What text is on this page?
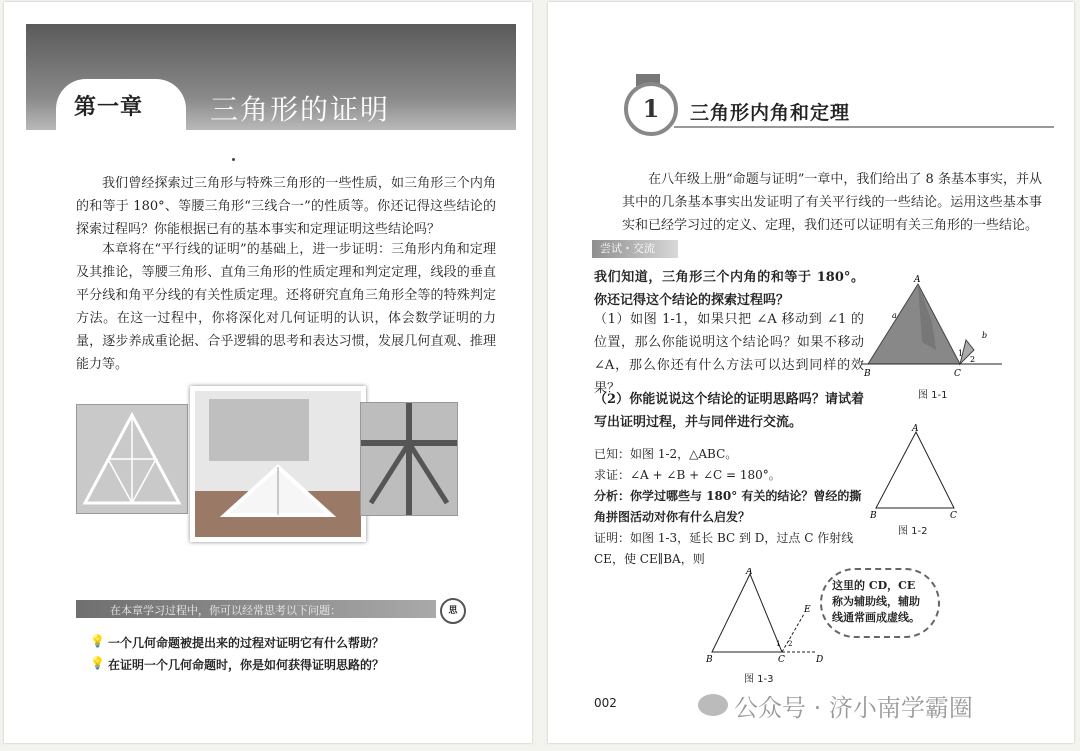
第一章 三角形的证明
我们曾经探索过三角形与特殊三角形的一些性质，如三角形三个内角的和等于 180°、等腰三角形“三线合一”的性质等。你还记得这些结论的探索过程吗？你能根据已有的基本事实和定理证明这些结论吗？
本章将在“平行线的证明”的基础上，进一步证明：三角形内角和定理及其推论，等腰三角形、直角三角形的性质定理和判定定理，线段的垂直平分线和角平分线的有关性质定理。还将研究直角三角形全等的特殊判定方法。在这一过程中，你将深化对几何证明的认识，体会数学证明的力量，逐步养成重论据、合乎逻辑的思考和表达习惯，发展几何直观、推理能力等。
在本章学习过程中，你可以经常思考以下问题：	思
💡 一个几何命题被提出来的过程对证明它有什么帮助？
💡 在证明一个几何命题时，你是如何获得证明思路的？
1	三角形内角和定理
在八年级上册“命题与证明”一章中，我们给出了 8 条基本事实，并从其中的几条基本事实出发证明了有关平行线的一些结论。运用这些基本事实和已经学习过的定义、定理，我们还可以证明有关三角形的一些结论。
尝试・交流
我们知道，三角形三个内角的和等于 180°。你还记得这个结论的探索过程吗？
（1）如图 1-1，如果只把 ∠A 移动到 ∠1 的位置，那么你能说明这个结论吗？如果不移动 ∠A，那么你还有什么方法可以达到同样的效果？
（2）你能说说这个结论的证明思路吗？请试着写出证明过程，并与同伴进行交流。
A
B	C
2
1
b
a
图 1-1
已知：如图 1-2，△ABC。
求证：∠A + ∠B + ∠C = 180°。
分析：你学过哪些与 180° 有关的结论？曾经的撕角拼图活动对你有什么启发？
证明：如图 1-3，延长 BC 到 D，过点 C 作射线 CE，使 CE∥BA，则
A
B	C
图 1-2
A
B	C	D
E
1 2
图 1-3
这里的 CD，CE 称为辅助线，辅助线通常画成虚线。
002	公众号 · 济小南学霸圈
